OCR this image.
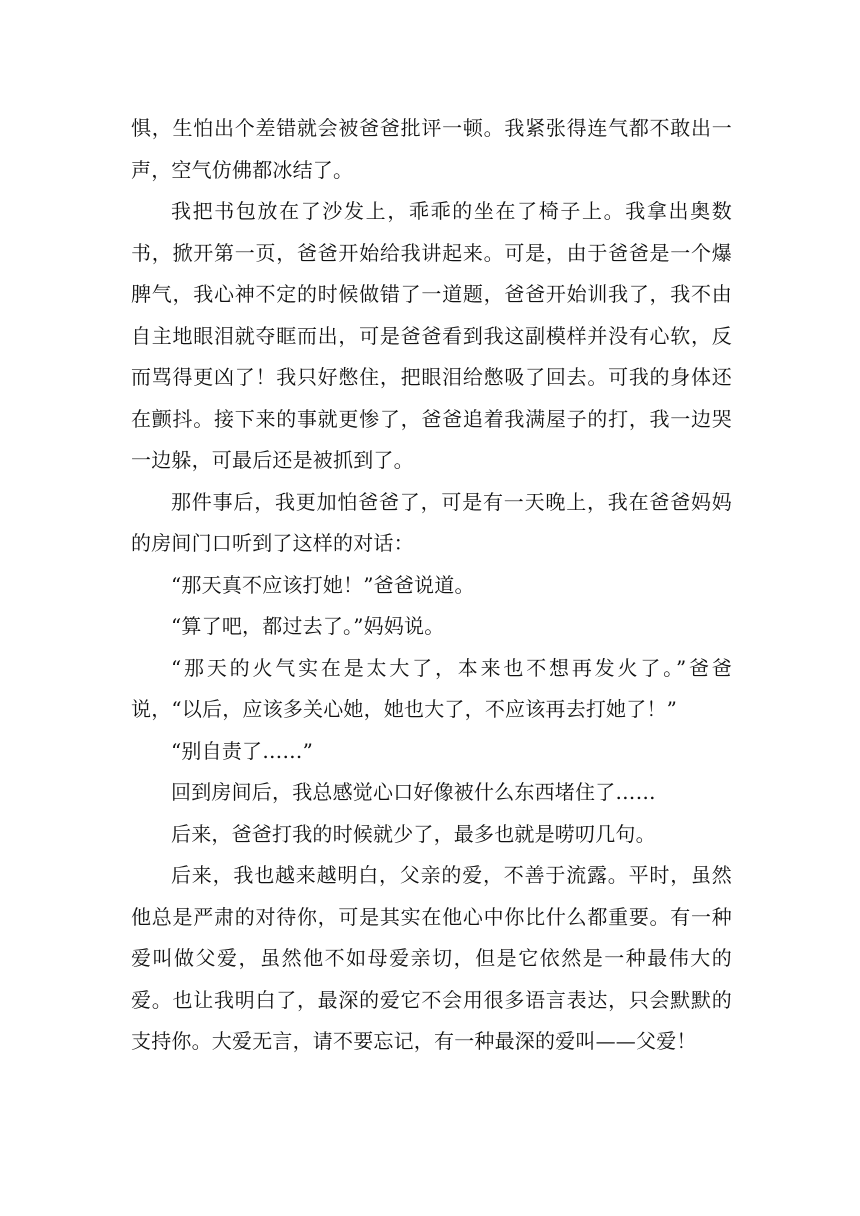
惧，生怕出个差错就会被爸爸批评一顿。我紧张得连气都不敢出一声，空气仿佛都冰结了。

我把书包放在了沙发上，乖乖的坐在了椅子上。我拿出奥数书，掀开第一页，爸爸开始给我讲起来。可是，由于爸爸是一个爆脾气，我心神不定的时候做错了一道题，爸爸开始训我了，我不由自主地眼泪就夺眶而出，可是爸爸看到我这副模样并没有心软，反而骂得更凶了！我只好憋住，把眼泪给憋吸了回去。可我的身体还在颤抖。接下来的事就更惨了，爸爸追着我满屋子的打，我一边哭一边躲，可最后还是被抓到了。

那件事后，我更加怕爸爸了，可是有一天晚上，我在爸爸妈妈的房间门口听到了这样的对话：

“那天真不应该打她！”爸爸说道。

“算了吧，都过去了。”妈妈说。

“那天的火气实在是太大了，本来也不想再发火了。”爸爸说，“以后，应该多关心她，她也大了，不应该再去打她了！”

“别自责了……”

回到房间后，我总感觉心口好像被什么东西堵住了……

后来，爸爸打我的时候就少了，最多也就是唠叨几句。

后来，我也越来越明白，父亲的爱，不善于流露。平时，虽然他总是严肃的对待你，可是其实在他心中你比什么都重要。有一种爱叫做父爱，虽然他不如母爱亲切，但是它依然是一种最伟大的爱。也让我明白了，最深的爱它不会用很多语言表达，只会默默的支持你。大爱无言，请不要忘记，有一种最深的爱叫——父爱！
